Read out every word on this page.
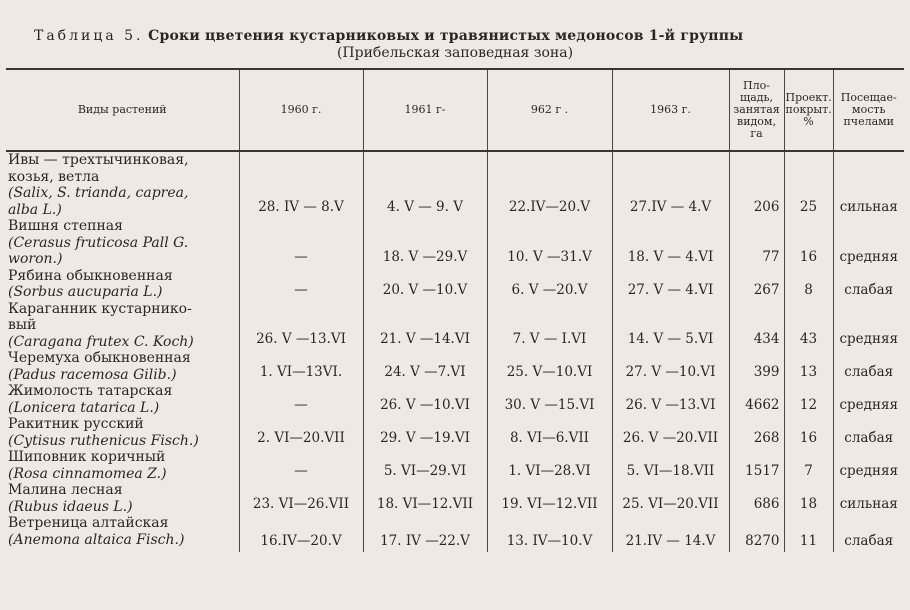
Таблица 5. Сроки цветения кустарниковых и травянистых медоносов 1-й группы
(Прибельская заповедная зона)
Виды растений	1960 г.	1961 г-	962 г .	1963 г.	Пло-
щадь,
занятая
видом,
га	Проект.
покрыт.
%	Посещае-
мость
пчелами

Ивы — трехтычинковая,
козья, ветла
(Salix, S. trianda, caprea,
alba L.)	28. IV — 8.V	4. V — 9. V	22.IV—20.V	27.IV — 4.V	206	25	сильная

Вишня степная
(Cerasus fruticosa Pall G.
woron.)	—	18. V —29.V	10. V —31.V	18. V — 4.VI	77	16	средняя

Рябина обыкновенная
(Sorbus aucuparia L.)	—	20. V —10.V	6. V —20.V	27. V — 4.VI	267	8	слабая

Караганник кустарнико-
вый
(Caragana frutex C. Koch)	26. V —13.VI	21. V —14.VI	7. V — I.VI	14. V — 5.VI	434	43	средняя

Черемуха обыкновенная
(Padus racemosa Gilib.)	1. VI—13VI.	24. V —7.VI	25. V—10.VI	27. V —10.VI	399	13	слабая

Жимолость татарская
(Lonicera tatarica L.)	—	26. V —10.VI	30. V —15.VI	26. V —13.VI	4662	12	средняя

Ракитник русский
(Cytisus ruthenicus Fisch.)	2. VI—20.VII	29. V —19.VI	8. VI—6.VII	26. V —20.VII	268	16	слабая

Шиповник коричный
(Rosa cinnamomea Z.)	—	5. VI—29.VI	1. VI—28.VI	5. VI—18.VII	1517	7	средняя

Малина лесная
(Rubus idaeus L.)	23. VI—26.VII	18. VI—12.VII	19. VI—12.VII	25. VI—20.VII	686	18	сильная

Ветреница алтайская
(Anemona altaica Fisch.)	16.IV—20.V	17. IV —22.V	13. IV—10.V	21.IV — 14.V	8270	11	слабая
